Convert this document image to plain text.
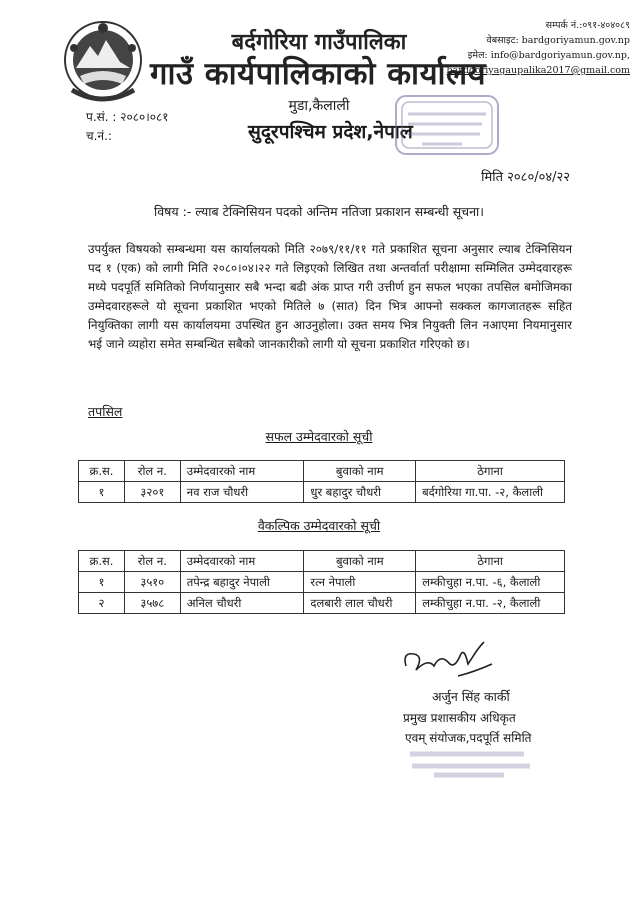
बर्दगोरिया गाउँपालिका
गाउँ कार्यपालिकाको कार्यालय
सम्पर्क नं.:०९१-४०४०८९
वेबसाइट: bardgoriyamun.gov.np
इमेल: info@bardgoriyamun.gov.np,
bardgoriyagaupalika2017@gmail.com
मुडा,कैलाली
सुदूरपश्चिम प्रदेश,नेपाल
प.सं. : २०८०।०८१
च.नं.:
मिति २०८०/०४/२२
विषय :- ल्याब टेक्निसियन पदको अन्तिम नतिजा प्रकाशन सम्बन्धी सूचना।
उपर्युक्त विषयको सम्बन्धमा यस कार्यालयको मिति २०७९/११/११ गते प्रकाशित सूचना अनुसार ल्याब टेक्निसियन पद १ (एक) को लागी मिति २०८०।०४।२२ गते लिइएको लिखित तथा अन्तर्वार्ता परीक्षामा सम्मिलित उम्मेदवारहरू मध्ये पदपूर्ति समितिको निर्णयानुसार सबै भन्दा बढी अंक प्राप्त गरी उत्तीर्ण हुन सफल भएका तपसिल बमोजिमका उम्मेदवारहरूले यो सूचना प्रकाशित भएको मितिले ७ (सात) दिन भित्र आफ्नो सक्कल कागजातहरू सहित नियुक्तिका लागी यस कार्यालयमा उपस्थित हुन आउनुहोला। उक्त समय भित्र नियुक्ती लिन नआएमा नियमानुसार भई जाने व्यहोरा समेत सम्बन्धित सबैको जानकारीको लागी यो सूचना प्रकाशित गरिएको छ।
तपसिल
सफल उम्मेदवारको सूची
क्र.स.	रोल न.	उम्मेदवारको नाम	बुवाको नाम	ठेगाना
१	३२०१	नव राज चौधरी	धुर बहादुर चौधरी	बर्दगोरिया गा.पा. -२, कैलाली
वैकल्पिक उम्मेदवारको सूची
क्र.स.	रोल न.	उम्मेदवारको नाम	बुवाको नाम	ठेगाना
१	३५१०	तपेन्द्र बहादुर नेपाली	रत्न नेपाली	लम्कीचुहा न.पा. -६, कैलाली
२	३५७८	अनिल चौधरी	दलबारी लाल चौधरी	लम्कीचुहा न.पा. -२, कैलाली
अर्जुन सिंह कार्की
प्रमुख प्रशासकीय अधिकृत
एवम् संयोजक,पदपूर्ति समिति
